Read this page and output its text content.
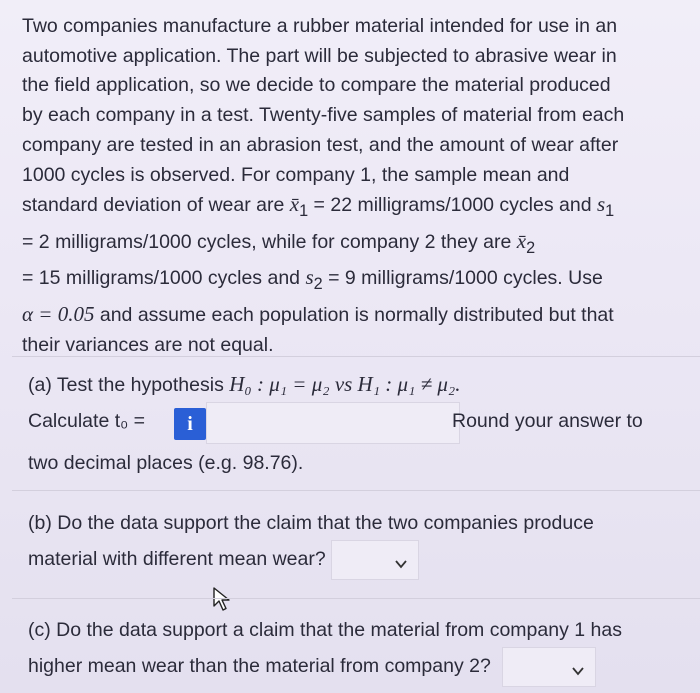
Two companies manufacture a rubber material intended for use in an
automotive application. The part will be subjected to abrasive wear in
the field application, so we decide to compare the material produced
by each company in a test. Twenty-five samples of material from each
company are tested in an abrasion test, and the amount of wear after
1000 cycles is observed. For company 1, the sample mean and
standard deviation of wear are $x̄_1 = 22$ milligrams/1000 cycles and $s_1$
= 2 milligrams/1000 cycles, while for company 2 they are $x̄_2$
= 15 milligrams/1000 cycles and $s_2 = 9$ milligrams/1000 cycles. Use
α = 0.05 and assume each population is normally distributed but that
their variances are not equal.
(a) Test the hypothesis H₀ : μ₁ = μ₂ vs H₁ : μ₁ ≠ μ₂.
Calculate t₀ =	i	Round your answer to
two decimal places (e.g. 98.76).
(b) Do the data support the claim that the two companies produce
material with different mean wear?
(c) Do the data support a claim that the material from company 1 has
higher mean wear than the material from company 2?
